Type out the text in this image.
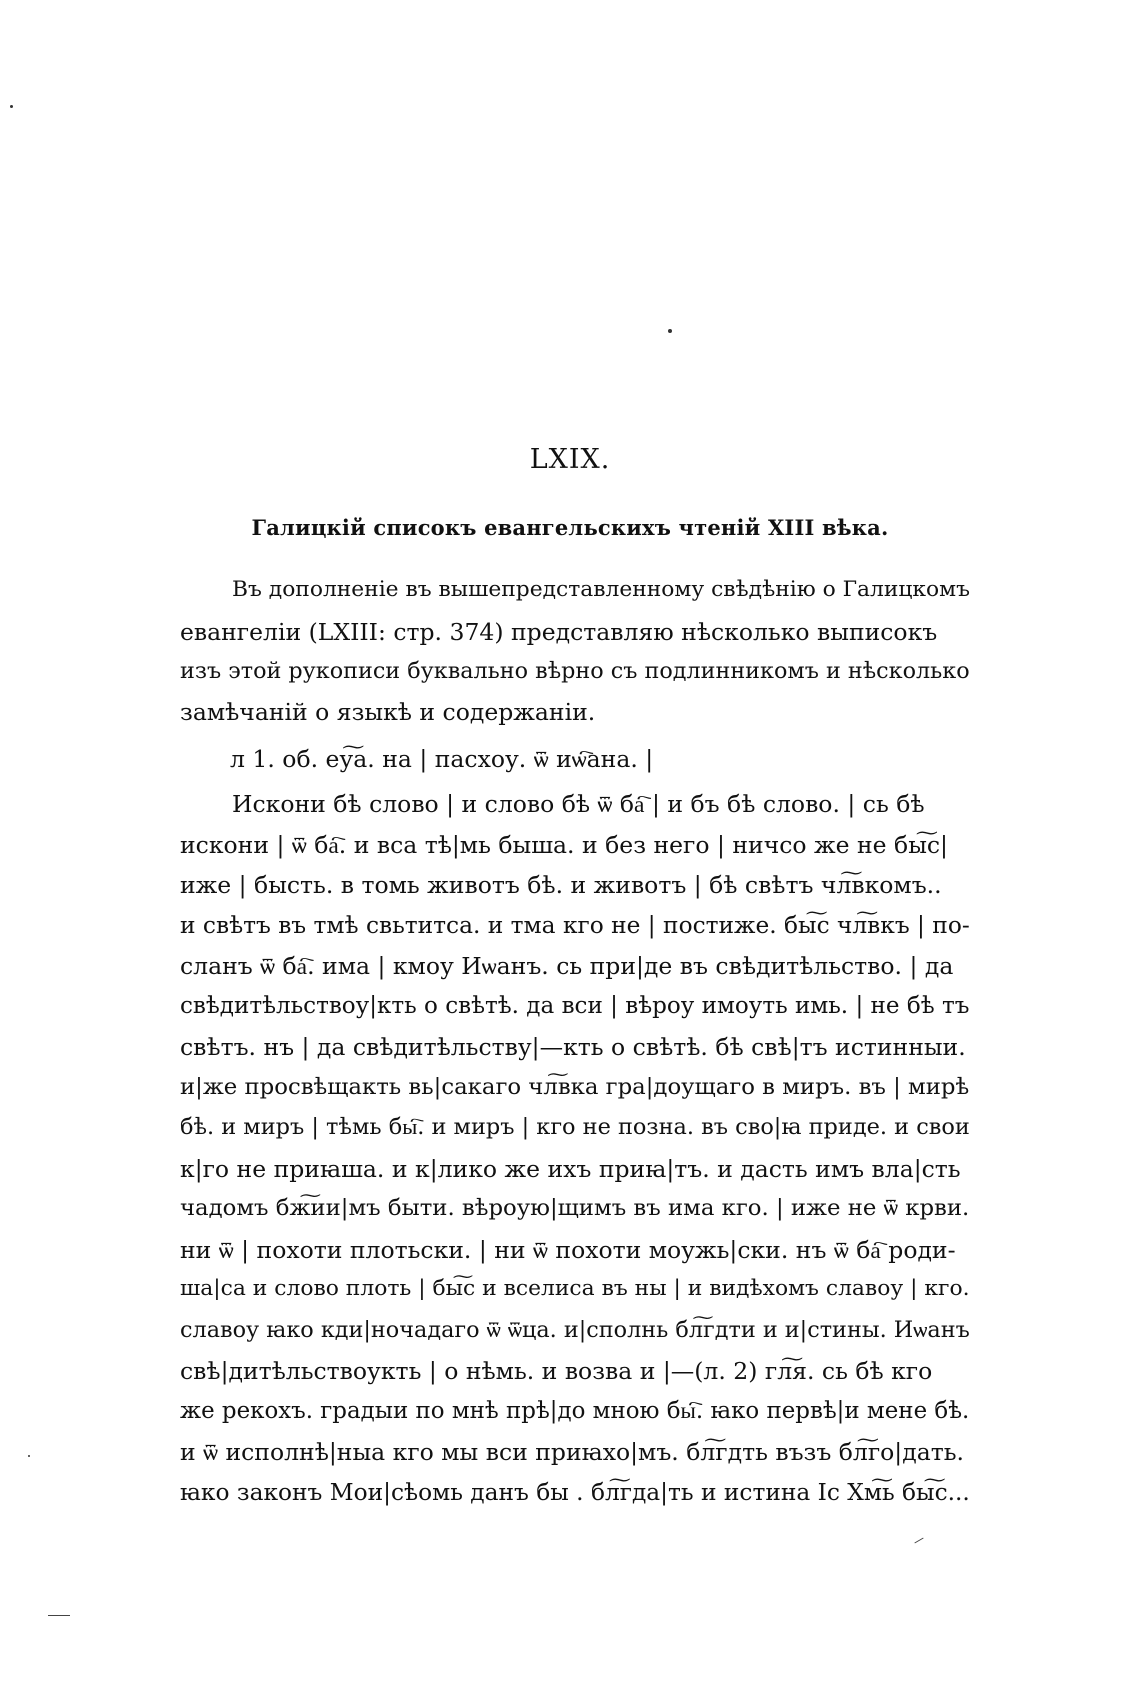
LXIX.
Галицкій списокъ евангельскихъ чтеній XIII вѣка.
Въ дополненіе въ вышепредставленному свѣдѣнію о Галицкомъ
евангеліи (LXIII: стр. 374) представляю нѣсколько выписокъ
изъ этой рукописи буквально вѣрно съ подлинникомъ и нѣсколько
замѣчаній о языкѣ и содержаніи.
л 1. об. еу͠а. на | пасхоу. ѿ иѡ҇ана. |
Искони бѣ слово | и слово бѣ ѿ ба҇ | и бъ бѣ слово. | сь бѣ
искони | ѿ ба҇. и вса тѣ|мь быша. и без него | ничсо же не бы͠с|
иже | бысть. в томь животъ бѣ. и животъ | бѣ свѣтъ чл͠вкомъ..
и свѣтъ въ тмѣ свьтитса. и тма кго не | постиже. бы͠с чл͠вкъ | по-
сланъ ѿ ба҇. има | кмоу Иѡанъ. сь при|де въ свѣдитѣльство. | да
свѣдитѣльствоу|кть о свѣтѣ. да вси | вѣроу имоуть имь. | не бѣ тъ
свѣтъ. нъ | да свѣдитѣльству|—кть о свѣтѣ. бѣ свѣ|тъ истинныи.
и|же просвѣщакть вь|сакаго чл͠вка гра|доущаго в миръ. въ | мирѣ
бѣ. и миръ | тѣмь бы҇. и миръ | кго не позна. въ сво|ꙗ приде. и свои
к|го не приꙗша. и к|лико же ихъ приꙗ|тъ. и дасть имъ вла|сть
чадомъ бж͠ии|мъ быти. вѣроую|щимъ въ има кго. | иже не ѿ крви.
ни ѿ | похоти плотьски. | ни ѿ похоти моужь|ски. нъ ѿ ба҇ роди-
ша|са и слово плоть | бы͠с и вселиса въ ны | и видѣхомъ славоу | кго.
славоу ꙗко кди|ночадаго ѿ ѿца. и|сполнь бл͠гдти и и|стины. Иѡанъ
свѣ|дитѣльствоукть | о нѣмь. и возва и |—(л. 2) гл͠я. сь бѣ кго
же рекохъ. градыи по мнѣ прѣ|до мною бы҇. ꙗко первѣ|и мене бѣ.
и ѿ исполнѣ|ныа кго мы вси приꙗхо|мъ. бл͠гдть възъ бл͠го|дать.
ꙗко законъ Мои|сѣомь данъ бы . бл͠гда|ть и истина Іс Хм͠ь бы͠с...
